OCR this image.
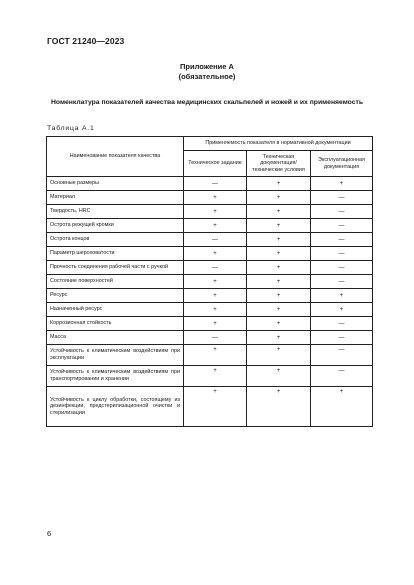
ГОСТ 21240—2023
Приложение А
(обязательное)
Номенклатура показателей качества медицинских скальпелей и ножей и их применяемость
Таблица А.1
Наименование показателя качества	Применяемость показателя в нормативной документации		
	Техническое задание	Техническая документация/технические условия	Эксплуатационная документация
Основные размеры	—	+	+
Материал	+	+	—
Твердость, HRC	+	+	—
Острота режущей кромки	+	+	—
Острота концов	—	+	—
Параметр шероховатости	+	+	—
Прочность соединения рабочей части с ручкой	—	+	—
Состояние поверхностей	+	+	—
Ресурс	+	+	+
Назначенный ресурс	+	+	+
Коррозионная стойкость	+	+	—
Масса	—	+	—
Устойчивость к климатическим воздействиям при эксплуатации	+	+	—
Устойчивость к климатическим воздействиям при транспортировании и хранении	+	+	—
Устойчивость к циклу обработки, состоящему из дезинфекции, предстерилизационной очистки и стерилизации	+	+	+
6
